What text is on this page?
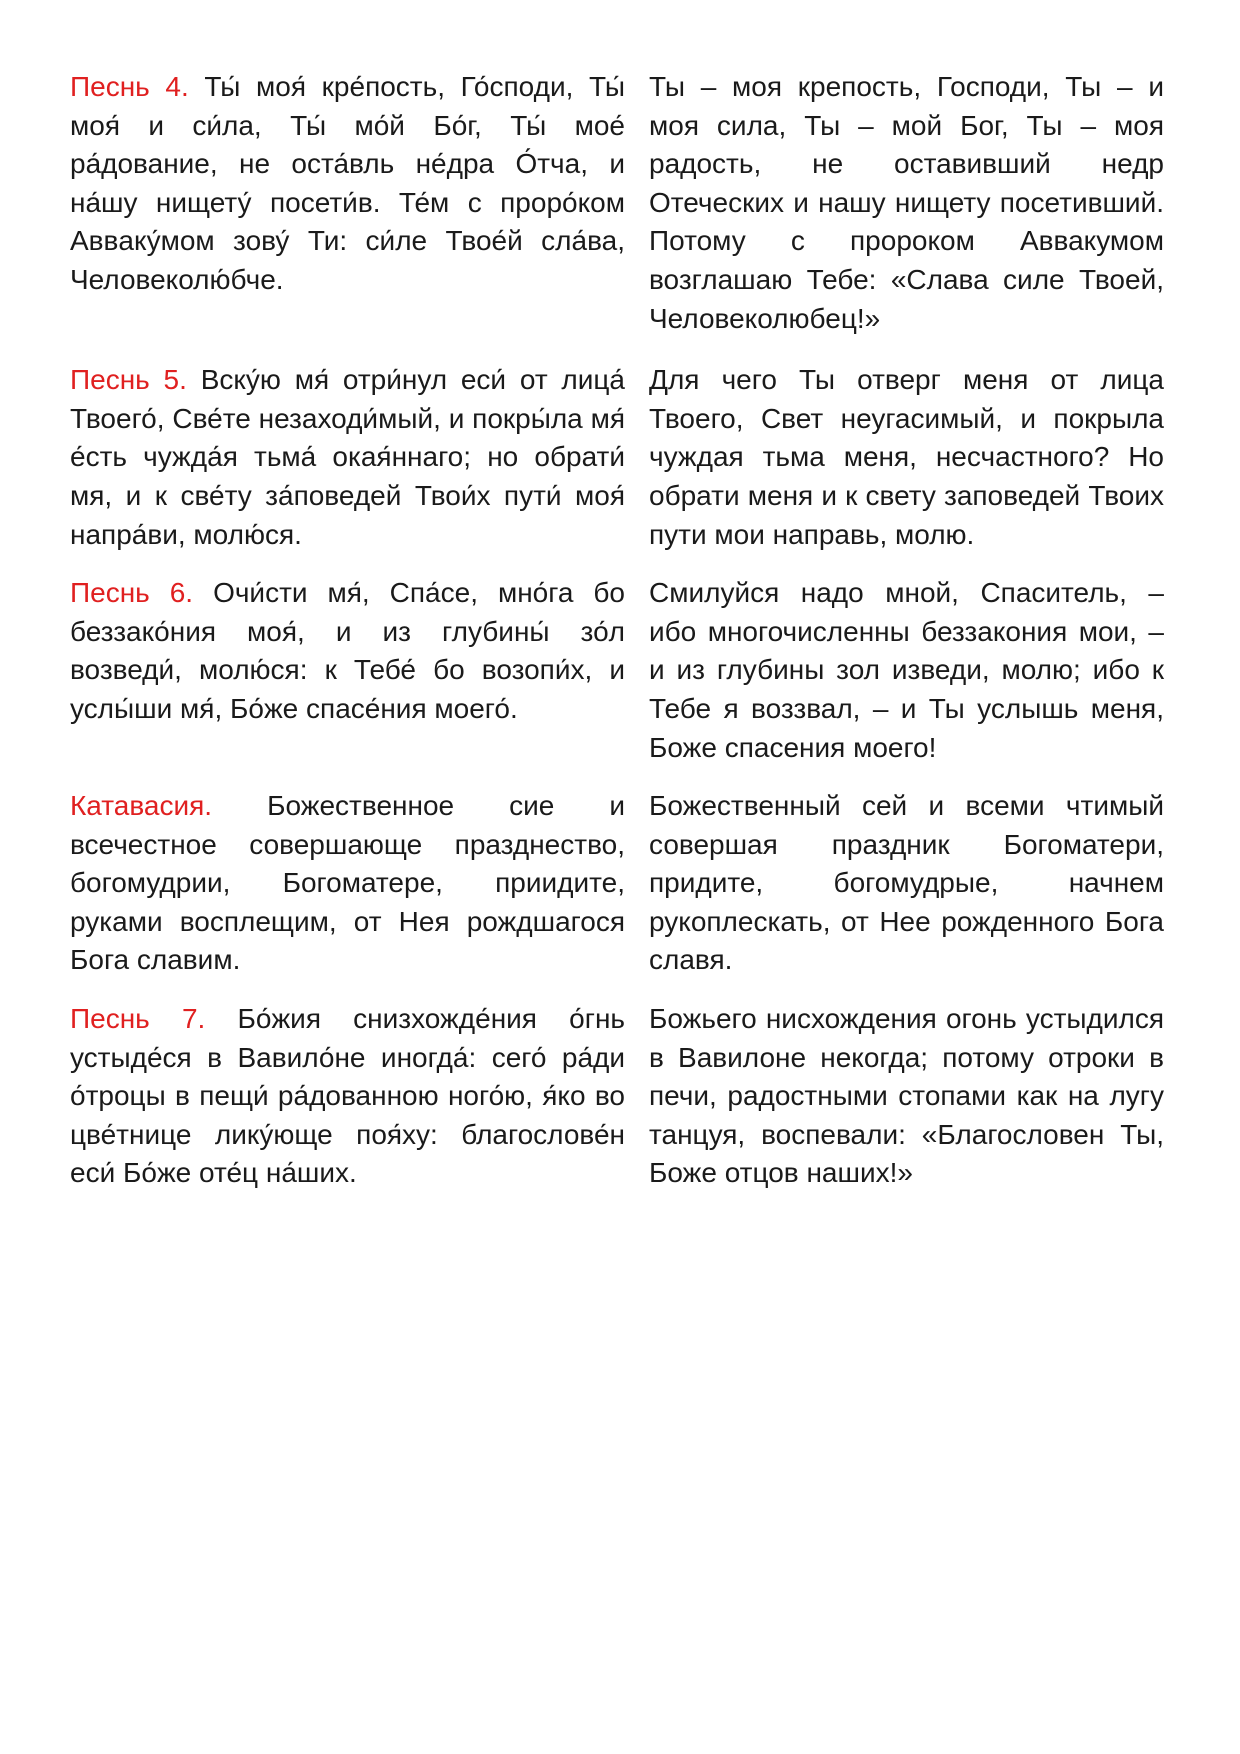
Песнь 4. Ты́ моя́ кре́пость, Го́споди, Ты́ моя́ и си́ла, Ты́ мо́й Бо́г, Ты́ мое́ ра́дование, не оста́вль не́дра О́тча, и на́шу нищету́ посети́в. Те́м с проро́ком Аввaку́мом зову́ Ти: си́ле Твое́й сла́ва, Человеколю́бче.
Ты – моя крепость, Господи, Ты – и моя сила, Ты – мой Бог, Ты – моя радость, не оставивший недр Отеческих и нашу нищету посетивший. Потому с пророком Аввакумом возглашаю Тебе: «Слава силе Твоей, Человеколюбец!»
Песнь 5. Вску́ю мя́ отри́нул еси́ от лица́ Твоего́, Све́те незаходи́мый, и покры́ла мя́ е́сть чужда́я тьма́ окая́ннаго; но обрати́ мя, и к све́ту за́поведей Твои́х пути́ моя́ напра́ви, молю́ся.
Для чего Ты отверг меня от лица Твоего, Свет неугасимый, и покрыла чуждая тьма меня, несчастного? Но обрати меня и к свету заповедей Твоих пути мои направь, молю.
Песнь 6. Очи́сти мя́, Спа́се, мно́га бо беззако́ния моя́, и из глубины́ зо́л возведи́, молю́ся: к Тебе́ бо возопи́х, и услы́ши мя́, Бо́же спасе́ния моего́.
Смилуйся надо мной, Спаситель, – ибо многочисленны беззакония мои, – и из глубины зол изведи, молю; ибо к Тебе я воззвал, – и Ты услышь меня, Боже спасения моего!
Катавасия. Божественное сие и всечестное совершающе празднество, богомудрии, Богоматере, приидите, руками восплещим, от Нея рождшагося Бога славим.
Божественный сей и всеми чтимый совершая праздник Богоматери, придите, богомудрые, начнем рукоплескать, от Нее рожденного Бога славя.
Песнь 7. Бо́жия снизхожде́ния о́гнь устыде́ся в Вавило́не иногда́: сего́ ра́ди о́троцы в пещи́ ра́дованною ного́ю, я́ко во цве́тнице лику́юще поя́ху: благослове́н еси́ Бо́же оте́ц на́ших.
Божьего нисхождения огонь устыдился в Вавилоне некогда; потому отроки в печи, радостными стопами как на лугу танцуя, воспевали: «Благословен Ты, Боже отцов наших!»
